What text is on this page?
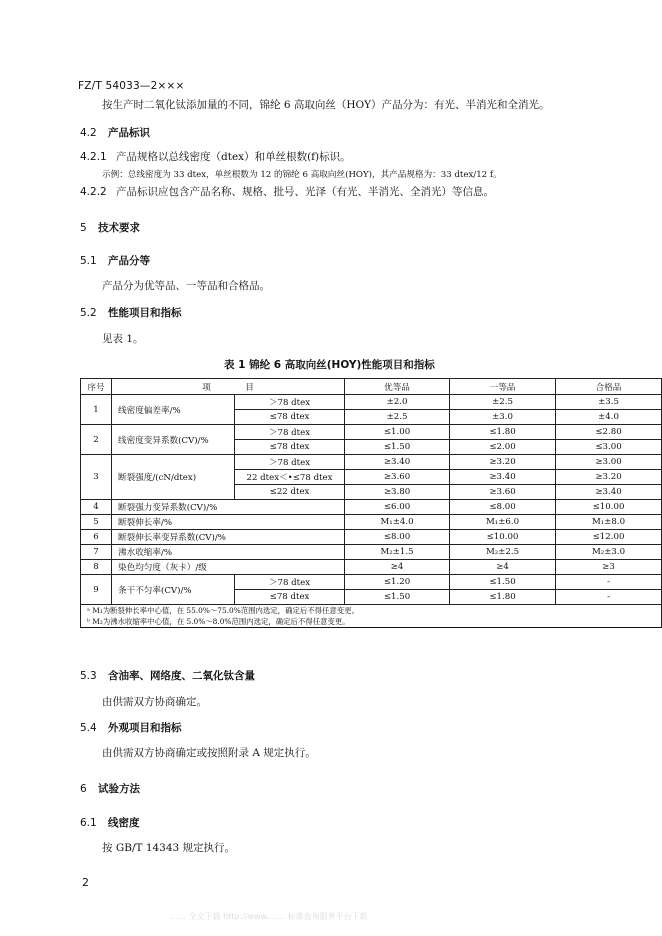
FZ/T 54033—2×××
按生产时二氧化钛添加量的不同，锦纶 6 高取向丝（HOY）产品分为：有光、半消光和全消光。
4.2 产品标识
4.2.1 产品规格以总线密度（dtex）和单丝根数(f)标识。
示例：总线密度为 33 dtex，单丝根数为 12 的锦纶 6 高取向丝(HOY)，其产品规格为：33 dtex/12 f。
4.2.2 产品标识应包含产品名称、规格、批号、光泽（有光、半消光、全消光）等信息。
5 技术要求
5.1 产品分等
产品分为优等品、一等品和合格品。
5.2 性能项目和指标
见表 1。
表 1 锦纶 6 高取向丝(HOY)性能项目和指标
序号	项　　　　目		优等品	一等品	合格品
1	线密度偏差率/%	＞78 dtex	±2.0	±2.5	±3.5
		≤78 dtex	±2.5	±3.0	±4.0
2	线密度变异系数(CV)/%	＞78 dtex	≤1.00	≤1.80	≤2.80
		≤78 dtex	≤1.50	≤2.00	≤3.00
3	断裂强度/(cN/dtex)	＞78 dtex	≥3.40	≥3.20	≥3.00
		22 dtex＜•≤78 dtex	≥3.60	≥3.40	≥3.20
		≤22 dtex	≥3.80	≥3.60	≥3.40
4	断裂强力变异系数(CV)/%		≤6.00	≤8.00	≤10.00
5	断裂伸长率/%		M₁±4.0	M₁±6.0	M₁±8.0
6	断裂伸长率变异系数(CV)/%		≤8.00	≤10.00	≤12.00
7	沸水收缩率/%		M₂±1.5	M₂±2.5	M₂±3.0
8	染色均匀度（灰卡）/级		≥4	≥4	≥3
9	条干不匀率(CV)/%	＞78 dtex	≤1.20	≤1.50	-
		≤78 dtex	≤1.50	≤1.80	-
ᵃ M₁为断裂伸长率中心值，在 55.0%～75.0%范围内选定，确定后不得任意变更。					
ᵇ M₂为沸水收缩率中心值，在 5.0%～8.0%范围内选定，确定后不得任意变更。					
5.3 含油率、网络度、二氧化钛含量
由供需双方协商确定。
5.4 外观项目和指标
由供需双方协商确定或按照附录 A 规定执行。
6 试验方法
6.1 线密度
按 GB/T 14343 规定执行。
2
…… 全文下载 http://www.…… 标准查询服务平台下载
